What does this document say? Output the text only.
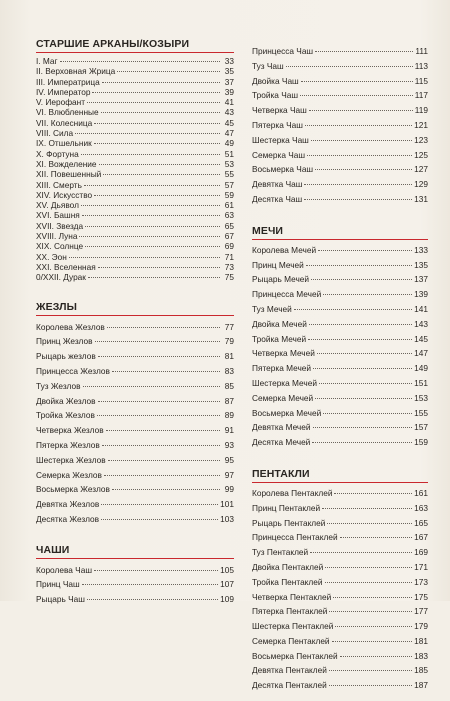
СТАРШИЕ АРКАНЫ/КОЗЫРИ
I. Маг	33
II. Верховная Жрица	35
III. Императрица	37
IV. Император	39
V. Иерофант	41
VI. Влюбленные	43
VII. Колесница	45
VIII. Сила	47
IX. Отшельник	49
X. Фортуна	51
XI. Вожделение	53
XII. Повешенный	55
XIII. Смерть	57
XIV. Искусство	59
XV. Дьявол	61
XVI. Башня	63
XVII. Звезда	65
XVIII. Луна	67
XIX. Солнце	69
XX. Эон	71
XXI. Вселенная	73
0/XXII. Дурак	75
ЖЕЗЛЫ
Королева Жезлов	77
Принц Жезлов	79
Рыцарь жезлов	81
Принцесса Жезлов	83
Туз Жезлов	85
Двойка Жезлов	87
Тройка Жезлов	89
Четверка Жезлов	91
Пятерка Жезлов	93
Шестерка Жезлов	95
Семерка Жезлов	97
Восьмерка Жезлов	99
Девятка Жезлов	101
Десятка Жезлов	103
ЧАШИ
Королева Чаш	105
Принц Чаш	107
Рыцарь Чаш	109
Принцесса Чаш	111
Туз Чаш	113
Двойка Чаш	115
Тройка Чаш	117
Четверка Чаш	119
Пятерка Чаш	121
Шестерка Чаш	123
Семерка Чаш	125
Восьмерка Чаш	127
Девятка Чаш	129
Десятка Чаш	131
МЕЧИ
Королева Мечей	133
Принц Мечей	135
Рыцарь Мечей	137
Принцесса Мечей	139
Туз Мечей	141
Двойка Мечей	143
Тройка Мечей	145
Четверка Мечей	147
Пятерка Мечей	149
Шестерка Мечей	151
Семерка Мечей	153
Восьмерка Мечей	155
Девятка Мечей	157
Десятка Мечей	159
ПЕНТАКЛИ
Королева Пентаклей	161
Принц Пентаклей	163
Рыцарь Пентаклей	165
Принцесса Пентаклей	167
Туз Пентаклей	169
Двойка Пентаклей	171
Тройка Пентаклей	173
Четверка Пентаклей	175
Пятерка Пентаклей	177
Шестерка Пентаклей	179
Семерка Пентаклей	181
Восьмерка Пентаклей	183
Девятка Пентаклей	185
Десятка Пентаклей	187
